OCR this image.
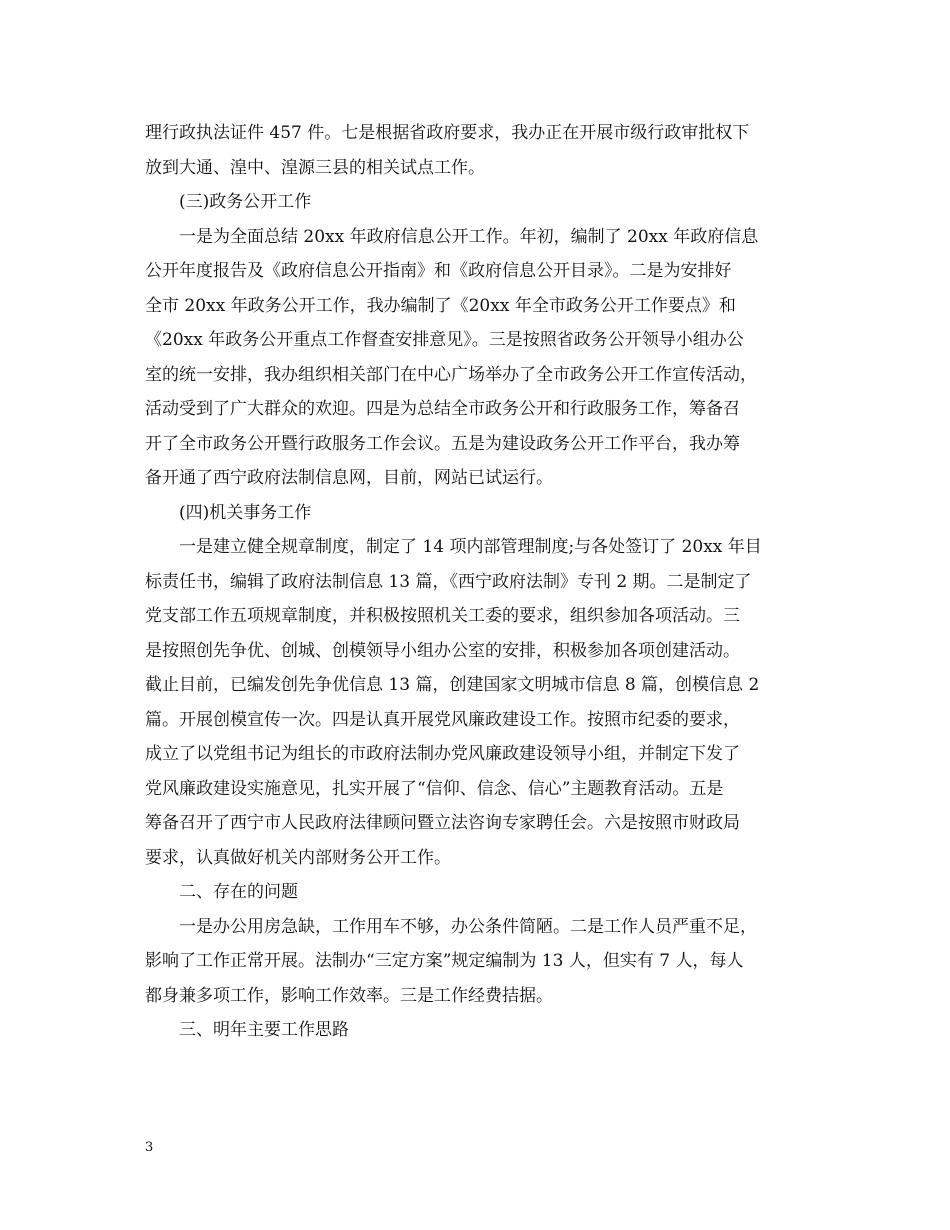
理行政执法证件 457 件。七是根据省政府要求，我办正在开展市级行政审批权下
放到大通、湟中、湟源三县的相关试点工作。
(三)政务公开工作
一是为全面总结 20xx 年政府信息公开工作。年初，编制了 20xx 年政府信息
公开年度报告及《政府信息公开指南》和《政府信息公开目录》。二是为安排好
全市 20xx 年政务公开工作，我办编制了《20xx 年全市政务公开工作要点》和
《20xx 年政务公开重点工作督查安排意见》。三是按照省政务公开领导小组办公
室的统一安排，我办组织相关部门在中心广场举办了全市政务公开工作宣传活动，
活动受到了广大群众的欢迎。四是为总结全市政务公开和行政服务工作，筹备召
开了全市政务公开暨行政服务工作会议。五是为建设政务公开工作平台，我办筹
备开通了西宁政府法制信息网，目前，网站已试运行。
(四)机关事务工作
一是建立健全规章制度，制定了 14 项内部管理制度;与各处签订了 20xx 年目
标责任书，编辑了政府法制信息 13 篇，《西宁政府法制》专刊 2 期。二是制定了
党支部工作五项规章制度，并积极按照机关工委的要求，组织参加各项活动。三
是按照创先争优、创城、创模领导小组办公室的安排，积极参加各项创建活动。
截止目前，已编发创先争优信息 13 篇，创建国家文明城市信息 8 篇，创模信息 2
篇。开展创模宣传一次。四是认真开展党风廉政建设工作。按照市纪委的要求，
成立了以党组书记为组长的市政府法制办党风廉政建设领导小组，并制定下发了
党风廉政建设实施意见，扎实开展了“信仰、信念、信心”主题教育活动。五是
筹备召开了西宁市人民政府法律顾问暨立法咨询专家聘任会。六是按照市财政局
要求，认真做好机关内部财务公开工作。
二、存在的问题
一是办公用房急缺，工作用车不够，办公条件简陋。二是工作人员严重不足，
影响了工作正常开展。法制办“三定方案”规定编制为 13 人，但实有 7 人，每人
都身兼多项工作，影响工作效率。三是工作经费拮据。
三、明年主要工作思路
3
